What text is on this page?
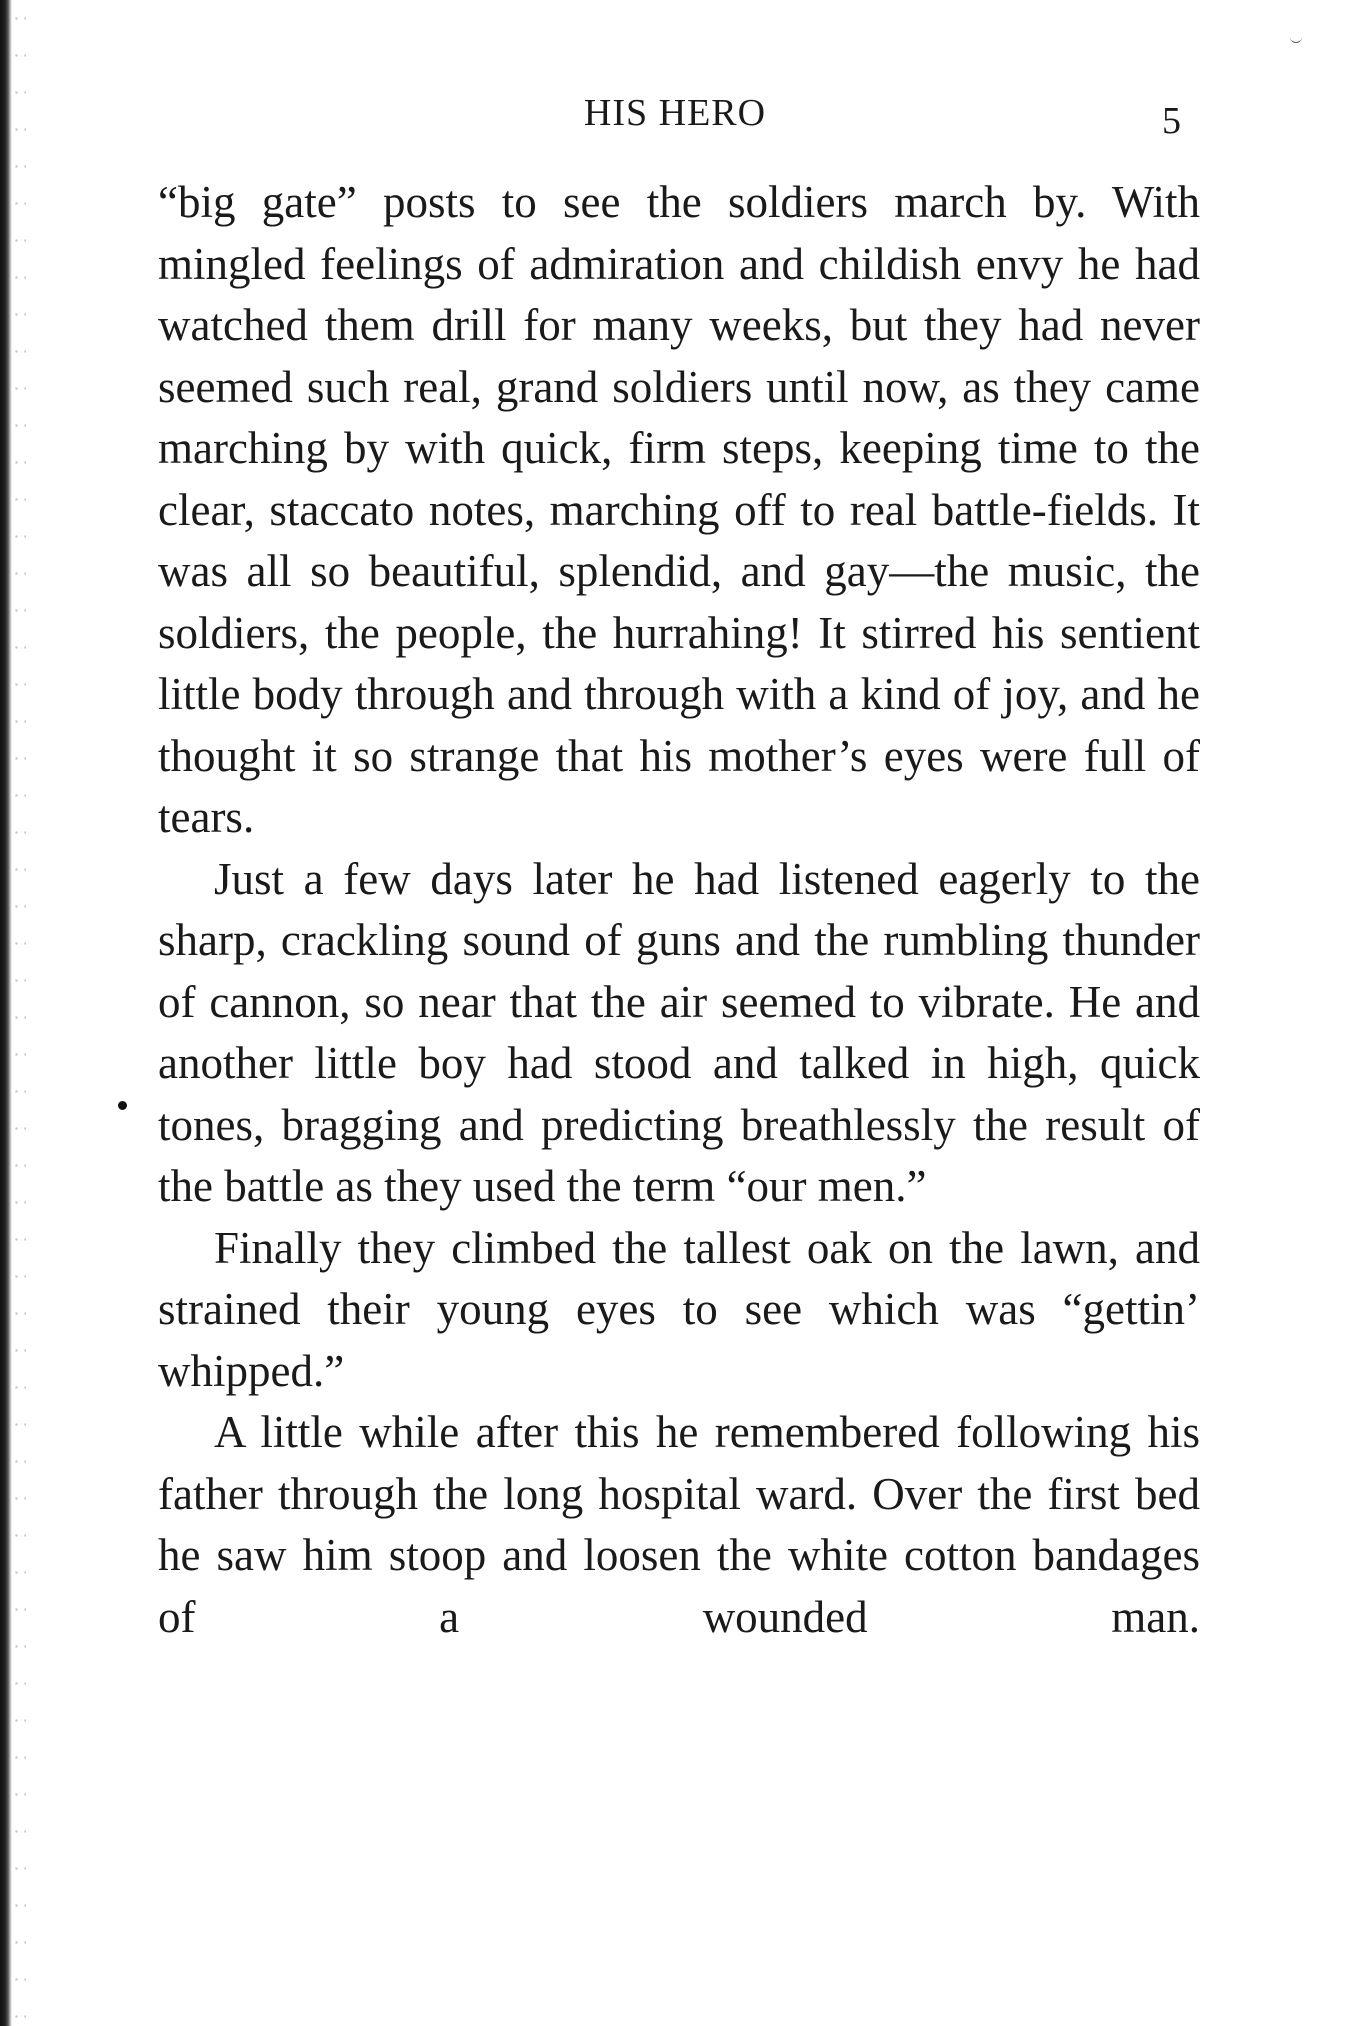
HIS HERO	5

“big gate” posts to see the soldiers march by. With mingled feelings of admiration and childish envy he had watched them drill for many weeks, but they had never seemed such real, grand soldiers until now, as they came marching by with quick, firm steps, keeping time to the clear, staccato notes, marching off to real battle-fields. It was all so beautiful, splendid, and gay—the music, the soldiers, the people, the hurrahing! It stirred his sentient little body through and through with a kind of joy, and he thought it so strange that his mother’s eyes were full of tears.

Just a few days later he had listened eagerly to the sharp, crackling sound of guns and the rumbling thunder of cannon, so near that the air seemed to vibrate. He and another little boy had stood and talked in high, quick tones, bragging and predicting breathlessly the result of the battle as they used the term “our men.”

Finally they climbed the tallest oak on the lawn, and strained their young eyes to see which was “gettin’ whipped.”

A little while after this he remembered following his father through the long hospital ward. Over the first bed he saw him stoop and loosen the white cotton bandages of a wounded man.
